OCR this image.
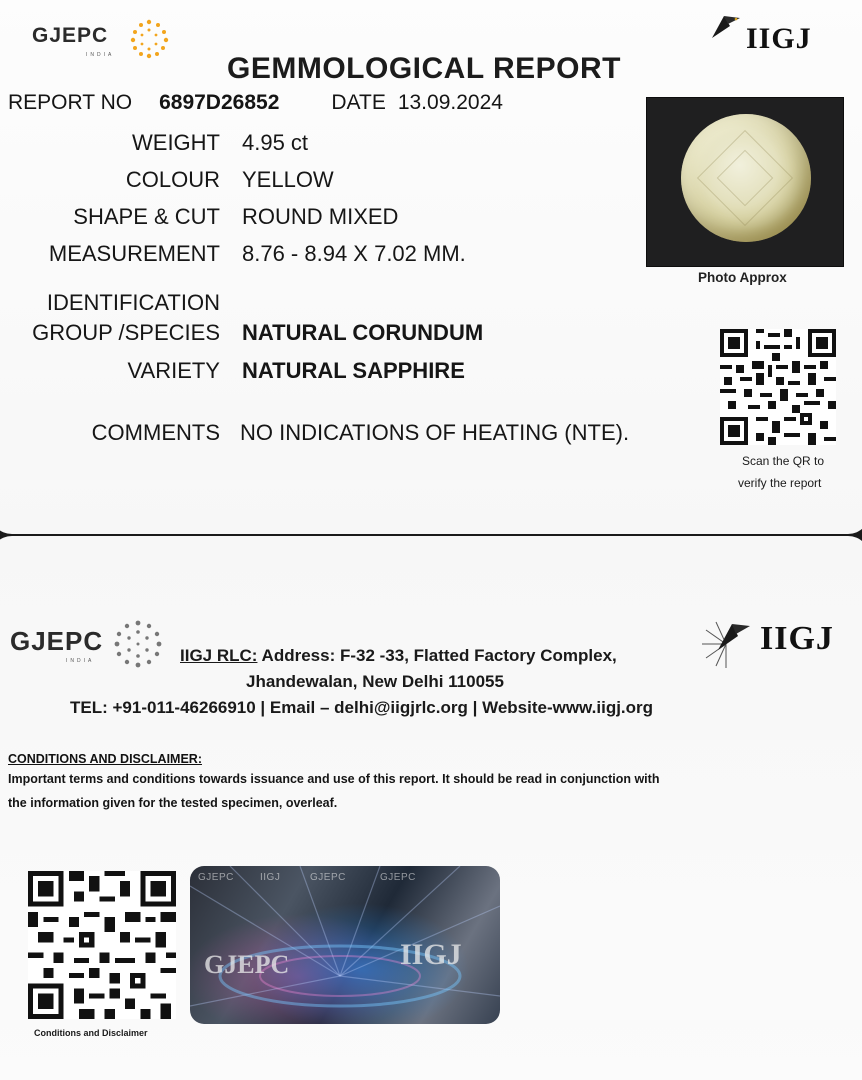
GJEPC
INDIA	IIGJ
GEMMOLOGICAL REPORT
REPORT NO 6897D26852 DATE 13.09.2024
WEIGHT 4.95 ct
COLOUR YELLOW
SHAPE & CUT ROUND MIXED
MEASUREMENT 8.76 - 8.94 X 7.02 MM.
IDENTIFICATION
GROUP /SPECIES NATURAL CORUNDUM
VARIETY NATURAL SAPPHIRE
COMMENTS NO INDICATIONS OF HEATING (NTE).
Photo Approx
Scan the QR to
verify the report
GJEPC
INDIA
IIGJ
IIGJ RLC: Address: F-32 -33, Flatted Factory Complex,
Jhandewalan, New Delhi 110055
TEL: +91-011-46266910 | Email – delhi@iigjrlc.org | Website-www.iigj.org
CONDITIONS AND DISCLAIMER:
Important terms and conditions towards issuance and use of this report. It should be read in conjunction with
the information given for the tested specimen, overleaf.
Conditions and Disclaimer
GJEPC	IIGJ	GJEPC	GJEPC
GJEPC	IIGJ
